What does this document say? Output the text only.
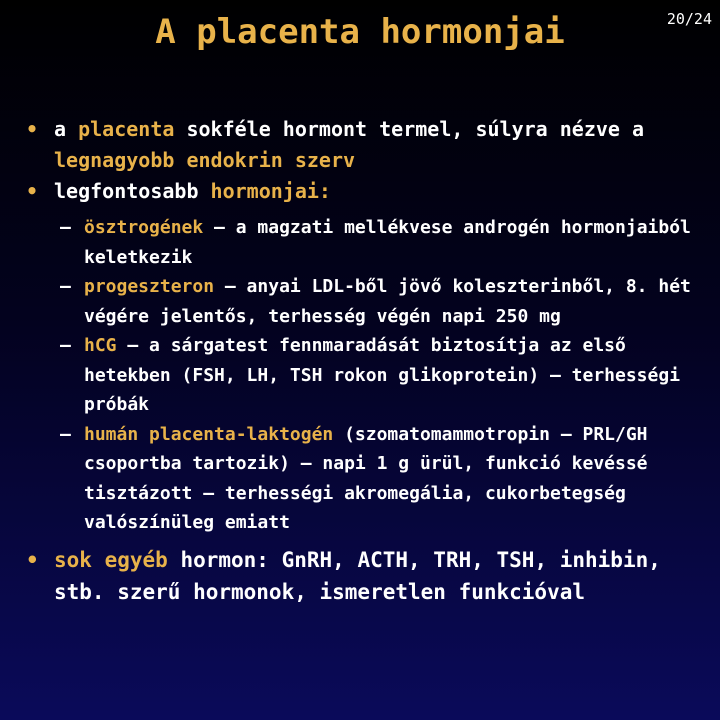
A placenta hormonjai	20/24

• a placenta sokféle hormont termel, súlyra nézve a legnagyobb endokrin szerv

• legfontosabb hormonjai:

– ösztrogének – a magzati mellékvese androgén hormonjaiból keletkezik

– progeszteron – anyai LDL-ből jövő koleszterinből, 8. hét végére jelentős, terhesség végén napi 250 mg

– hCG – a sárgatest fennmaradását biztosítja az első hetekben (FSH, LH, TSH rokon glikoprotein) – terhességi próbák

– humán placenta-laktogén (szomatomammotropin – PRL/GH csoportba tartozik) – napi 1 g ürül, funkció kevéssé tisztázott – terhességi akromegália, cukorbetegség valószínüleg emiatt

• sok egyéb hormon: GnRH, ACTH, TRH, TSH, inhibin, stb. szerű hormonok, ismeretlen funkcióval
